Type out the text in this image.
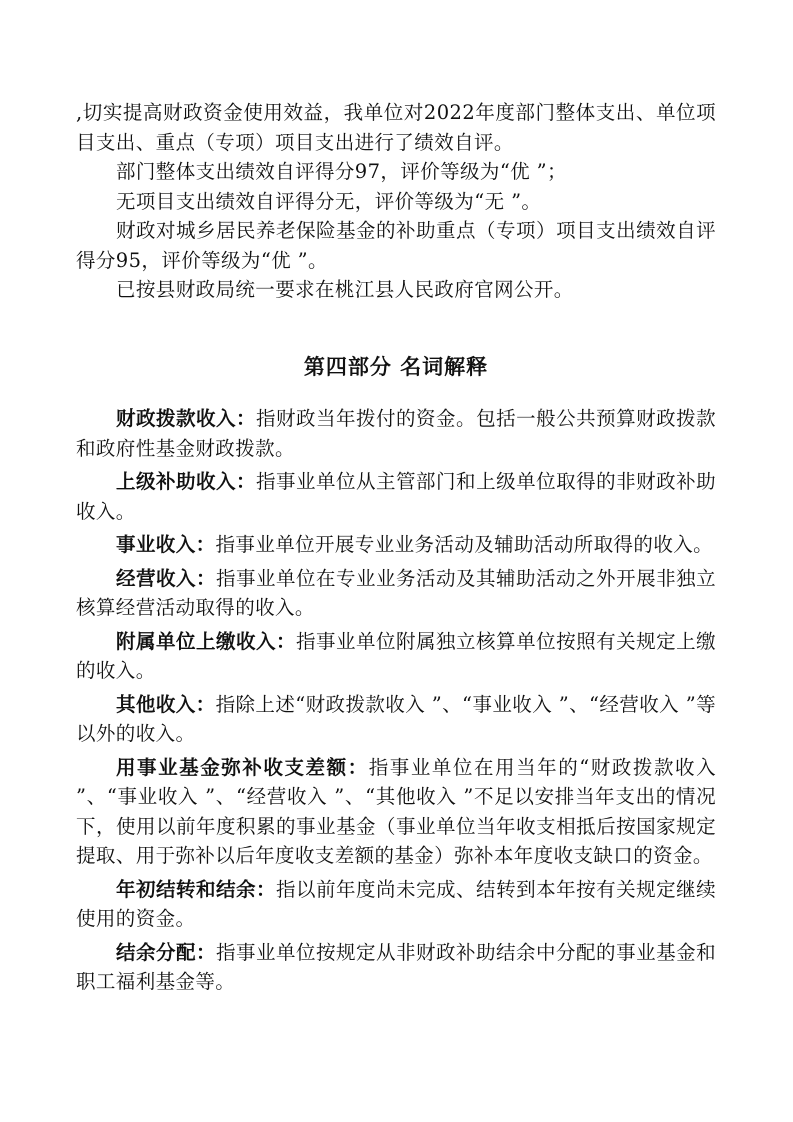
,切实提高财政资金使用效益，我单位对2022年度部门整体支出、单位项目支出、重点（专项）项目支出进行了绩效自评。

部门整体支出绩效自评得分97，评价等级为“优 ”；

无项目支出绩效自评得分无，评价等级为“无 ”。

财政对城乡居民养老保险基金的补助重点（专项）项目支出绩效自评得分95，评价等级为“优 ”。

已按县财政局统一要求在桃江县人民政府官网公开。

第四部分 名词解释

财政拨款收入：指财政当年拨付的资金。包括一般公共预算财政拨款和政府性基金财政拨款。

上级补助收入：指事业单位从主管部门和上级单位取得的非财政补助收入。

事业收入：指事业单位开展专业业务活动及辅助活动所取得的收入。

经营收入：指事业单位在专业业务活动及其辅助活动之外开展非独立核算经营活动取得的收入。

附属单位上缴收入：指事业单位附属独立核算单位按照有关规定上缴的收入。

其他收入：指除上述“财政拨款收入 ”、“事业收入 ”、“经营收入 ”等以外的收入。

用事业基金弥补收支差额：指事业单位在用当年的“财政拨款收入 ”、“事业收入 ”、“经营收入 ”、“其他收入 ”不足以安排当年支出的情况下，使用以前年度积累的事业基金（事业单位当年收支相抵后按国家规定提取、用于弥补以后年度收支差额的基金）弥补本年度收支缺口的资金。

年初结转和结余：指以前年度尚未完成、结转到本年按有关规定继续使用的资金。

结余分配：指事业单位按规定从非财政补助结余中分配的事业基金和职工福利基金等。
